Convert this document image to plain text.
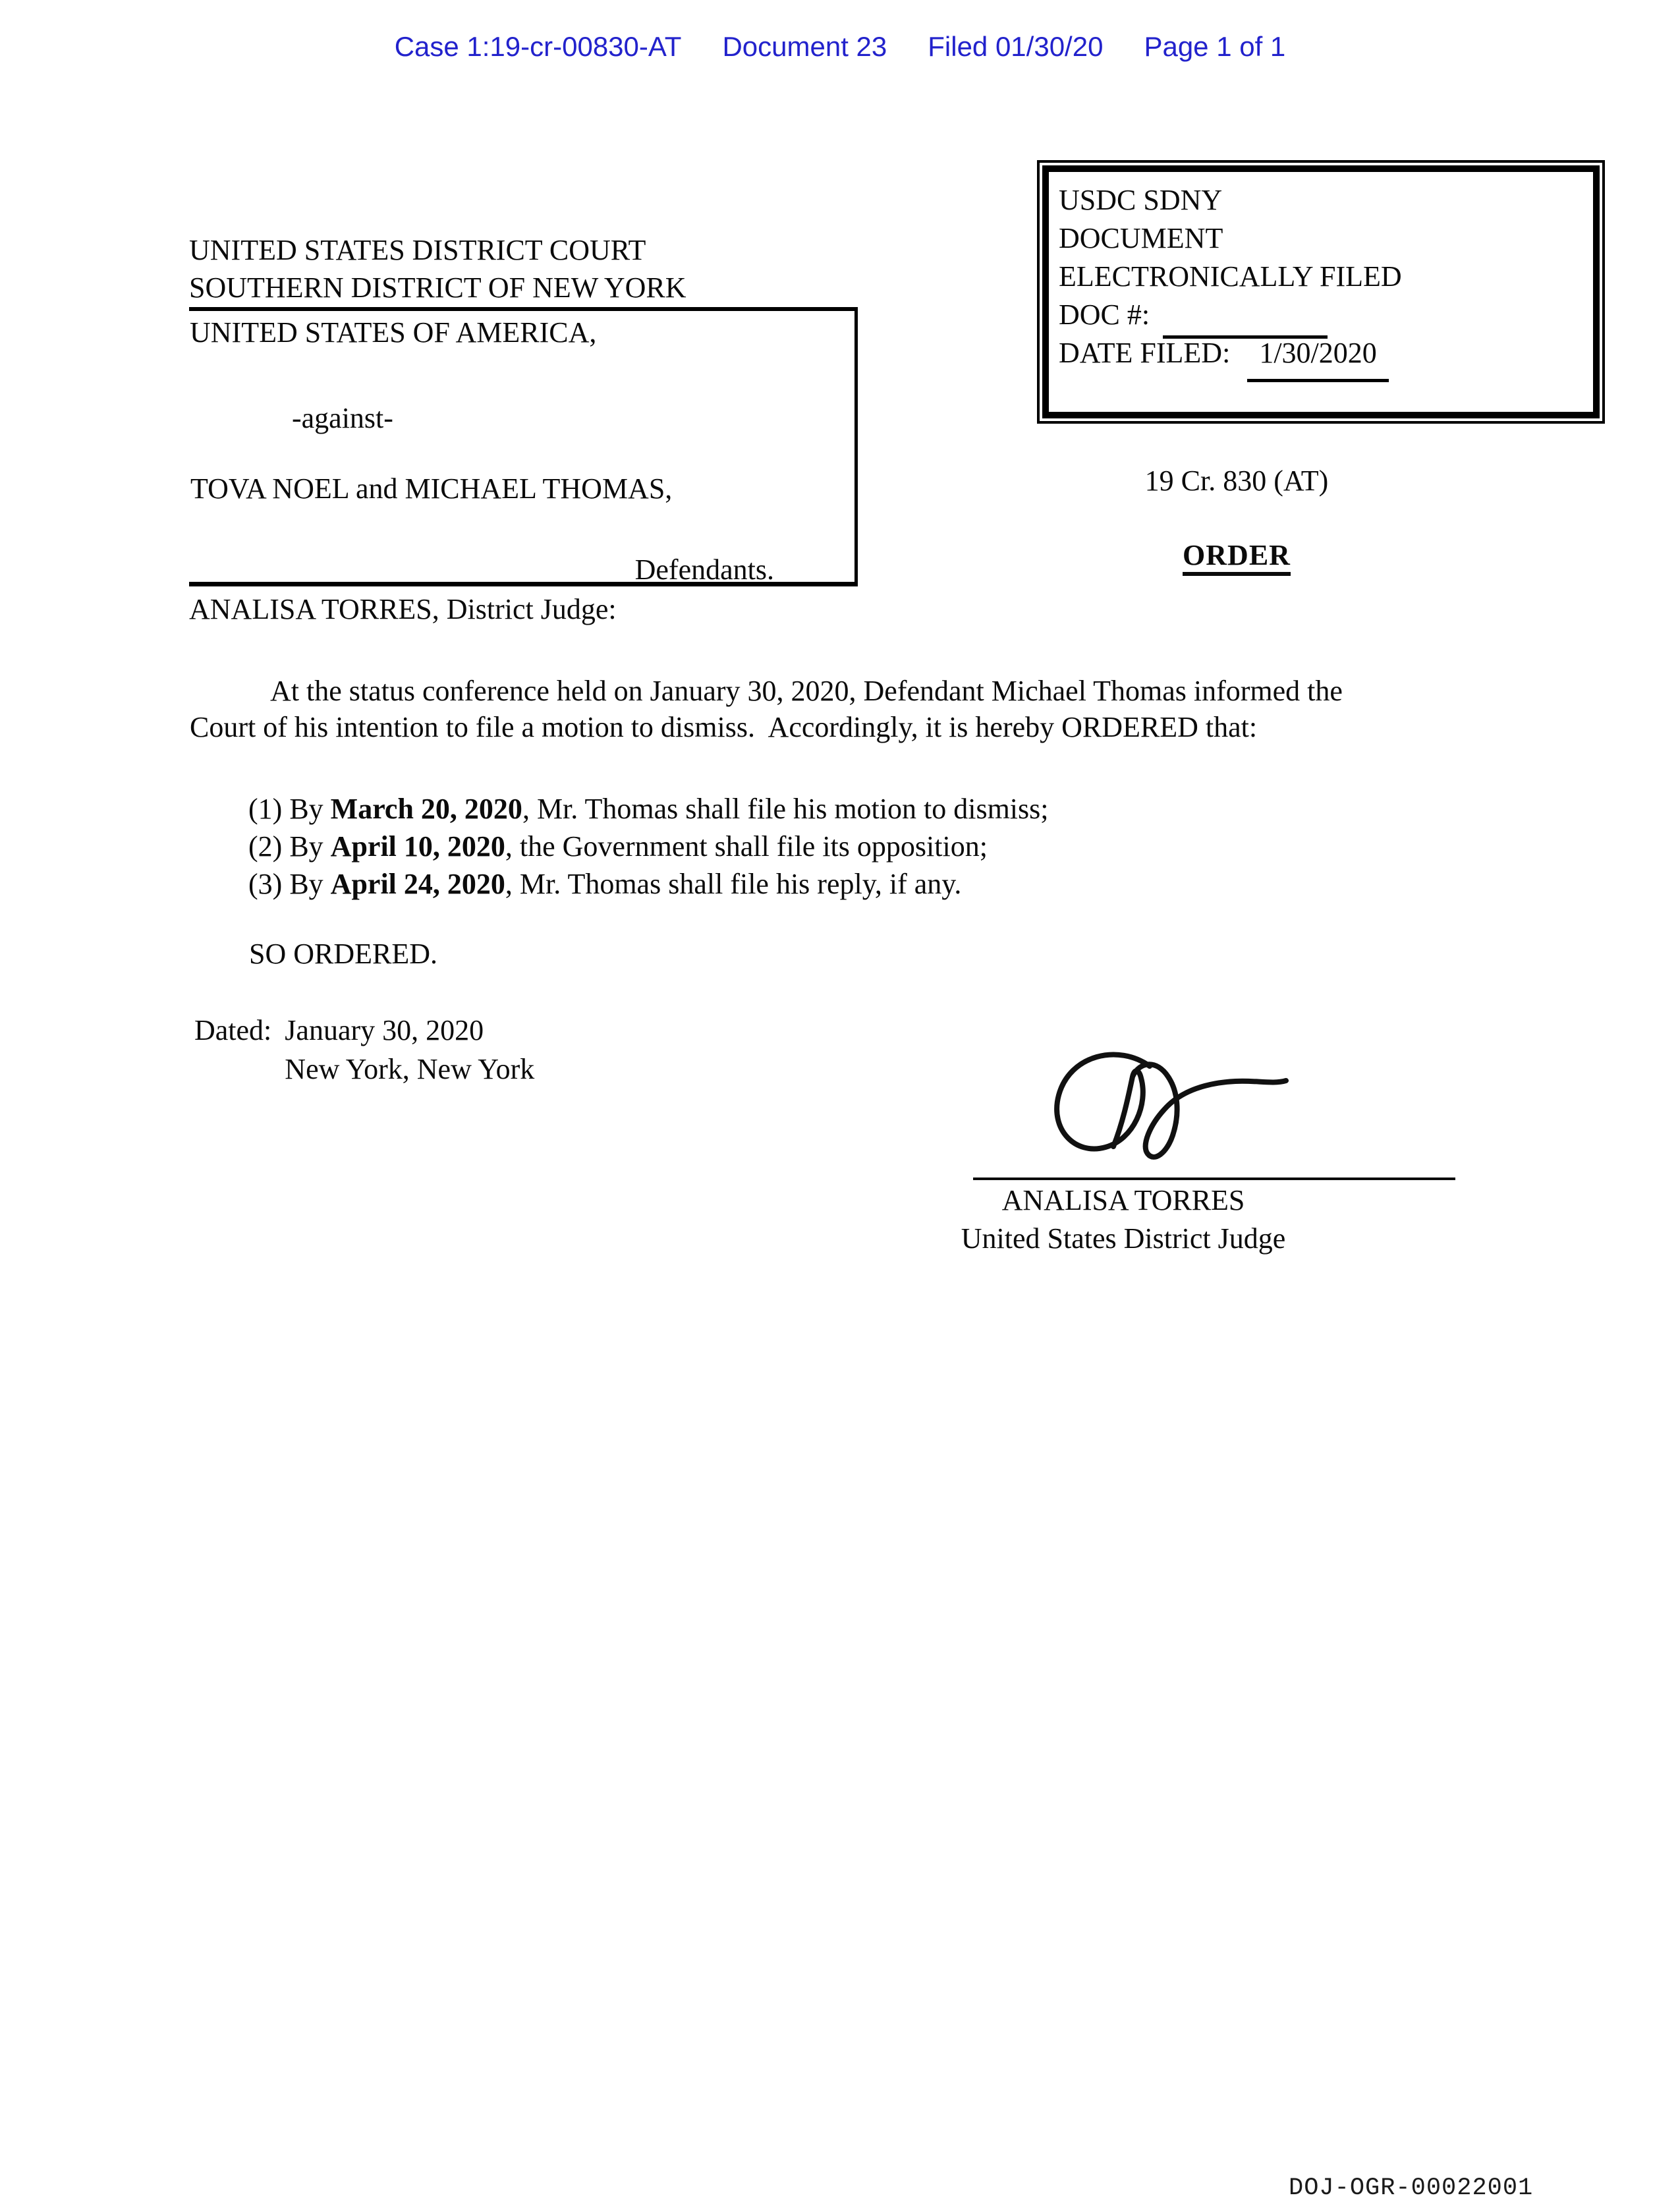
Case 1:19-cr-00830-AT Document 23 Filed 01/30/20 Page 1 of 1
USDC SDNY
DOCUMENT
ELECTRONICALLY FILED
DOC #:
DATE FILED: 1/30/2020
UNITED STATES DISTRICT COURT
SOUTHERN DISTRICT OF NEW YORK
UNITED STATES OF AMERICA,
-against-
TOVA NOEL and MICHAEL THOMAS,
Defendants.
19 Cr. 830 (AT)
ORDER
ANALISA TORRES, District Judge:
At the status conference held on January 30, 2020, Defendant Michael Thomas informed the Court of his intention to file a motion to dismiss.  Accordingly, it is hereby ORDERED that:
(1) By March 20, 2020, Mr. Thomas shall file his motion to dismiss;
(2) By April 10, 2020, the Government shall file its opposition;
(3) By April 24, 2020, Mr. Thomas shall file his reply, if any.
SO ORDERED.
Dated: January 30, 2020
New York, New York
ANALISA TORRES
United States District Judge
DOJ-OGR-00022001
